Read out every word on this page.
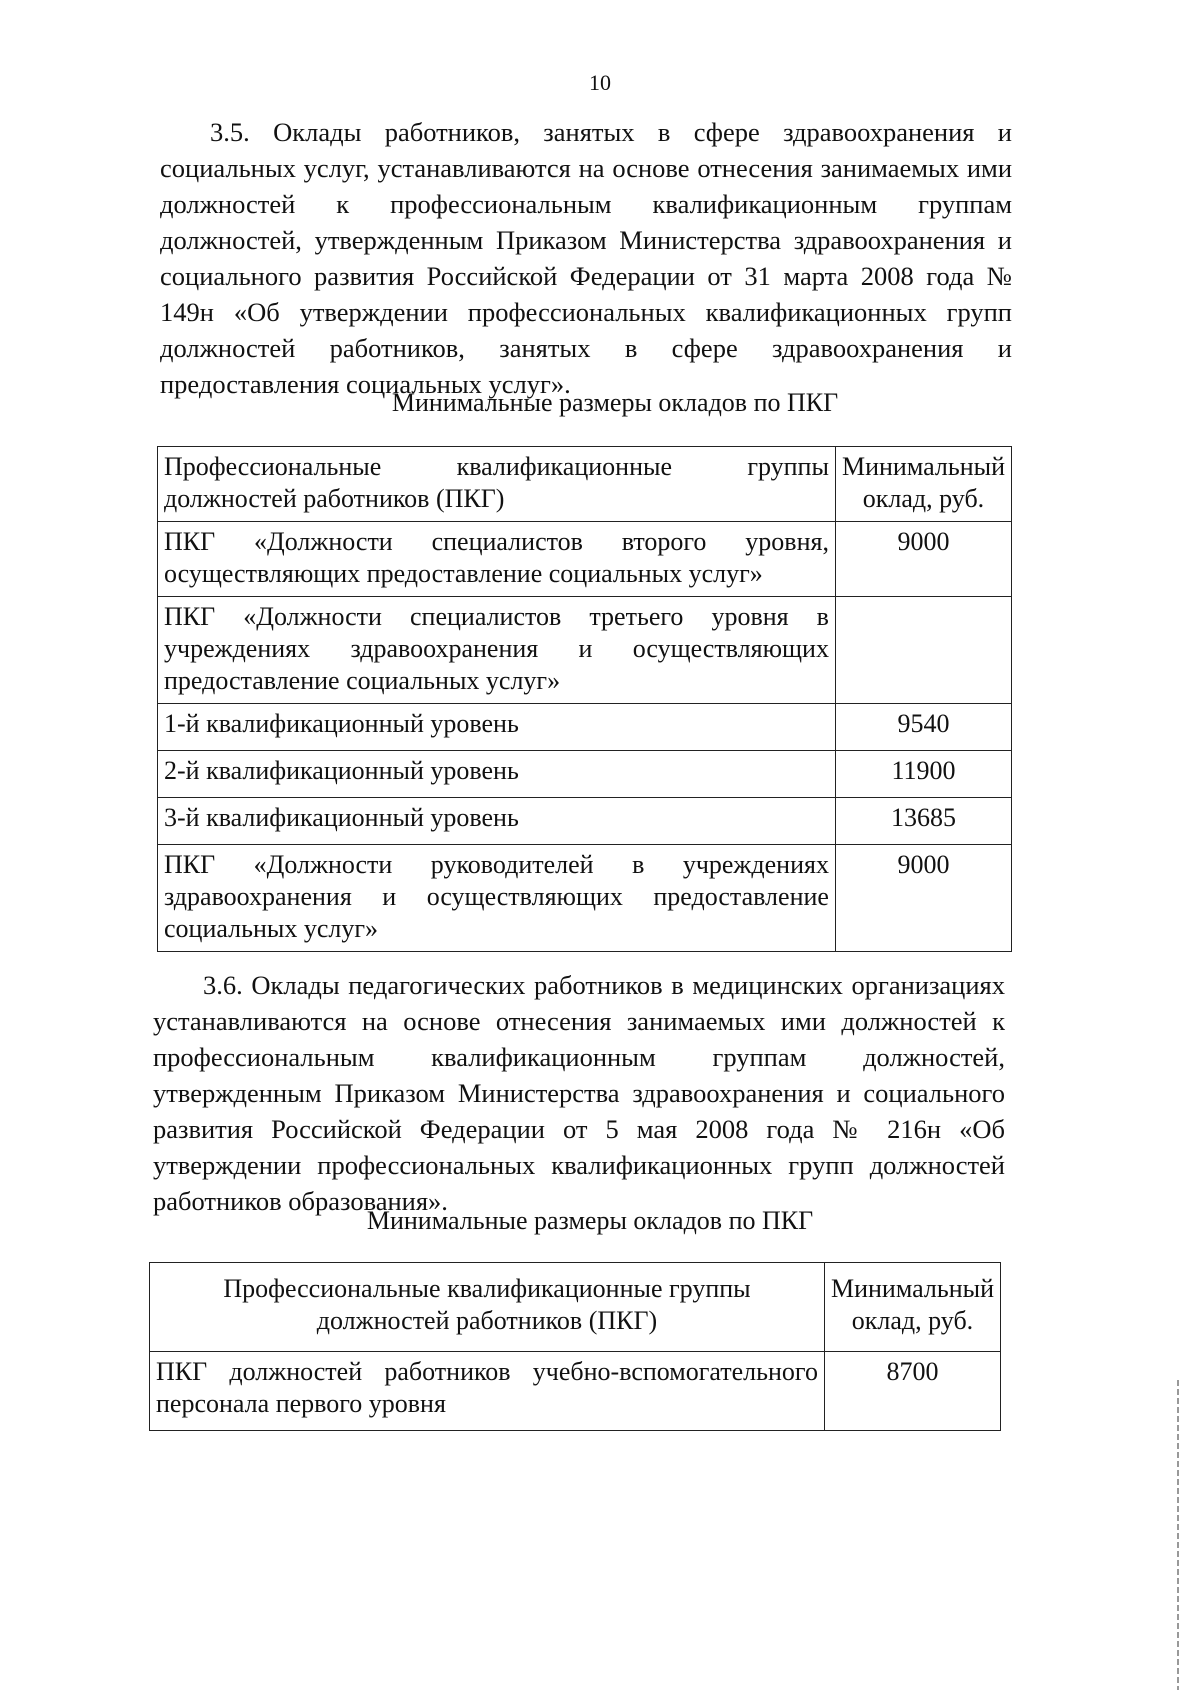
10
3.5. Оклады работников, занятых в сфере здравоохранения и социальных услуг, устанавливаются на основе отнесения занимаемых ими должностей к профессиональным квалификационным группам должностей, утвержденным Приказом Министерства здравоохранения и социального развития Российской Федерации от 31 марта 2008 года № 149н «Об утверждении профессиональных квалификационных групп должностей работников, занятых в сфере здравоохранения и предоставления социальных услуг».
Минимальные размеры окладов по ПКГ
Профессиональные квалификационные группы должностей работников (ПКГ)	Минимальный оклад, руб.
ПКГ «Должности специалистов второго уровня, осуществляющих предоставление социальных услуг»	9000
ПКГ «Должности специалистов третьего уровня в учреждениях здравоохранения и осуществляющих предоставление социальных услуг»	
1-й квалификационный уровень	9540
2-й квалификационный уровень	11900
3-й квалификационный уровень	13685
ПКГ «Должности руководителей в учреждениях здравоохранения и осуществляющих предоставление социальных услуг»	9000
3.6. Оклады педагогических работников в медицинских организациях устанавливаются на основе отнесения занимаемых ими должностей к профессиональным квалификационным группам должностей, утвержденным Приказом Министерства здравоохранения и социального развития Российской Федерации от 5 мая 2008 года № 216н «Об утверждении профессиональных квалификационных групп должностей работников образования».
Минимальные размеры окладов по ПКГ
Профессиональные квалификационные группы должностей работников (ПКГ)	Минимальный оклад, руб.
ПКГ должностей работников учебно-вспомогательного персонала первого уровня	8700
